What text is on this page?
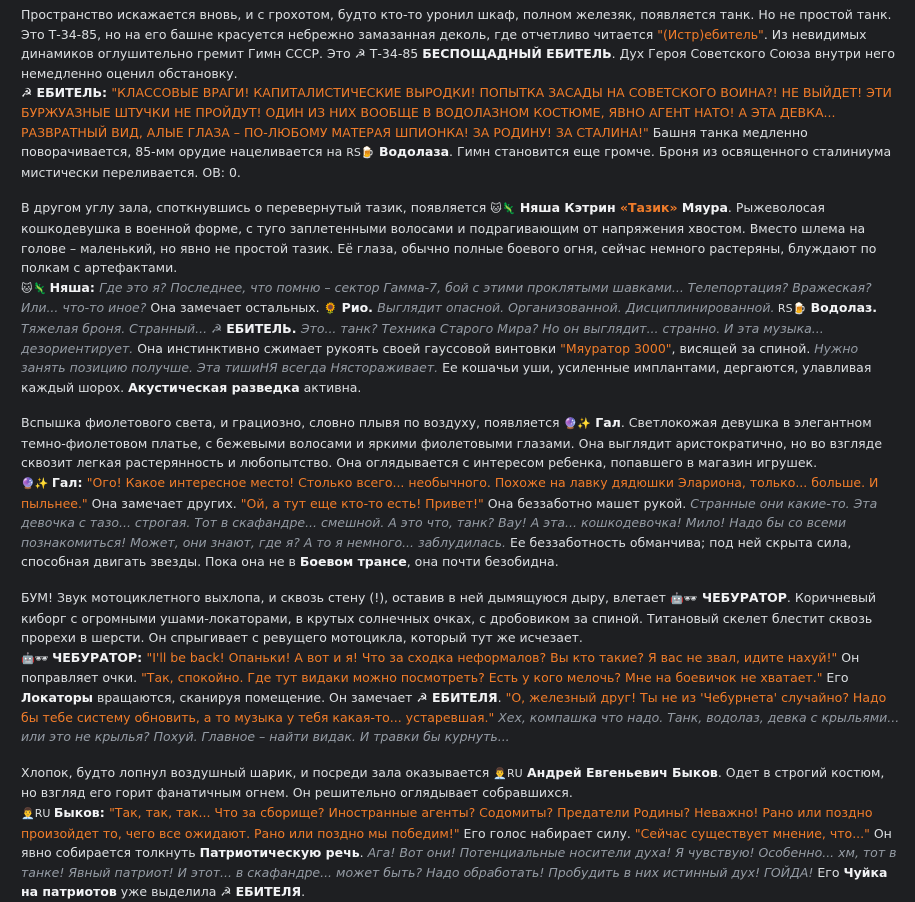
Пространство искажается вновь, и с грохотом, будто кто-то уронил шкаф, полном железяк, появляется танк. Но не простой танк. Это Т-34-85, но на его башне красуется небрежно замазанная деколь, где отчетливо читается "(Истр)ебитель". Из невидимых динамиков оглушительно гремит Гимн СССР. Это ☭ Т-34-85 БЕСПОЩАДНЫЙ ЕБИТЕЛЬ. Дух Героя Советского Союза внутри него немедленно оценил обстановку.

☭ ЕБИТЕЛЬ: "КЛАССОВЫЕ ВРАГИ! КАПИТАЛИСТИЧЕСКИЕ ВЫРОДКИ! ПОПЫТКА ЗАСАДЫ НА СОВЕТСКОГО ВОИНА?! НЕ ВЫЙДЕТ! ЭТИ БУРЖУАЗНЫЕ ШТУЧКИ НЕ ПРОЙДУТ! ОДИН ИЗ НИХ ВООБЩЕ В ВОДОЛАЗНОМ КОСТЮМЕ, ЯВНО АГЕНТ НАТО! А ЭТА ДЕВКА... РАЗВРАТНЫЙ ВИД, АЛЫЕ ГЛАЗА – ПО-ЛЮБОМУ МАТЕРАЯ ШПИОНКА! ЗА РОДИНУ! ЗА СТАЛИНА!" Башня танка медленно поворачивается, 85-мм орудие нацеливается на RS🍺 Водолаза. Гимн становится еще громче. Броня из освященного сталиниума мистически переливается. ОВ: 0.

В другом углу зала, споткнувшись о перевернутый тазик, появляется 🐱🦎 Няша Кэтрин «Тазик» Мяура. Рыжеволосая кошкодевушка в военной форме, с туго заплетенными волосами и подрагивающим от напряжения хвостом. Вместо шлема на голове – маленький, но явно не простой тазик. Её глаза, обычно полные боевого огня, сейчас немного растеряны, блуждают по полкам с артефактами.

🐱🦎 Няша: Где это я? Последнее, что помню – сектор Гамма-7, бой с этими проклятыми шавками... Телепортация? Вражеская? Или... что-то иное? Она замечает остальных. 🌻 Рио. Выглядит опасной. Организованной. Дисциплинированной. RS🍺 Водолаз. Тяжелая броня. Странный... ☭ ЕБИТЕЛЬ. Это... танк? Техника Старого Мира? Но он выглядит... странно. И эта музыка... дезориентирует. Она инстинктивно сжимает рукоять своей гауссовой винтовки "Мяуратор 3000", висящей за спиной. Нужно занять позицию получше. Эта тишиНЯ всегда Нястораживает. Ее кошачьи уши, усиленные имплантами, дергаются, улавливая каждый шорох. Акустическая разведка активна.

Вспышка фиолетового света, и грациозно, словно плывя по воздуху, появляется 🔮✨ Гал. Светлокожая девушка в элегантном темно-фиолетовом платье, с бежевыми волосами и яркими фиолетовыми глазами. Она выглядит аристократично, но во взгляде сквозит легкая растерянность и любопытство. Она оглядывается с интересом ребенка, попавшего в магазин игрушек.

🔮✨ Гал: "Ого! Какое интересное место! Столько всего... необычного. Похоже на лавку дядюшки Элариона, только... больше. И пыльнее." Она замечает других. "Ой, а тут еще кто-то есть! Привет!" Она беззаботно машет рукой. Странные они какие-то. Эта девочка с тазо... строгая. Тот в скафандре... смешной. А это что, танк? Вау! А эта... кошкодевочка! Мило! Надо бы со всеми познакомиться! Может, они знают, где я? А то я немного... заблудилась. Ее беззаботность обманчива; под ней скрыта сила, способная двигать звезды. Пока она не в Боевом трансе, она почти безобидна.

БУМ! Звук мотоциклетного выхлопа, и сквозь стену (!), оставив в ней дымящуюся дыру, влетает 🤖🕶 ЧЕБУРАТОР. Коричневый киборг с огромными ушами-локаторами, в крутых солнечных очках, с дробовиком за спиной. Титановый скелет блестит сквозь прорехи в шерсти. Он спрыгивает с ревущего мотоцикла, который тут же исчезает.

🤖🕶 ЧЕБУРАТОР: "I'll be back! Опаньки! А вот и я! Что за сходка неформалов? Вы кто такие? Я вас не звал, идите нахуй!" Он поправляет очки. "Так, спокойно. Где тут видаки можно посмотреть? Есть у кого мелочь? Мне на боевичок не хватает." Его Локаторы вращаются, сканируя помещение. Он замечает ☭ ЕБИТЕЛЯ. "О, железный друг! Ты не из 'Чебурнета' случайно? Надо бы тебе систему обновить, а то музыка у тебя какая-то... устаревшая." Хех, компашка что надо. Танк, водолаз, девка с крыльями... или это не крылья? Похуй. Главное – найти видак. И травки бы курнуть...

Хлопок, будто лопнул воздушный шарик, и посреди зала оказывается 👨‍💼RU Андрей Евгеньевич Быков. Одет в строгий костюм, но взгляд его горит фанатичным огнем. Он решительно оглядывает собравшихся.

👨‍💼RU Быков: "Так, так, так... Что за сборище? Иностранные агенты? Содомиты? Предатели Родины? Неважно! Рано или поздно произойдет то, чего все ожидают. Рано или поздно мы победим!" Его голос набирает силу. "Сейчас существует мнение, что..." Он явно собирается толкнуть Патриотическую речь. Ага! Вот они! Потенциальные носители духа! Я чувствую! Особенно... хм, тот в танке! Явный патриот! И этот... в скафандре... может быть? Надо обработать! Пробудить в них истинный дух! ГОЙДА! Его Чуйка на патриотов уже выделила ☭ ЕБИТЕЛЯ.
